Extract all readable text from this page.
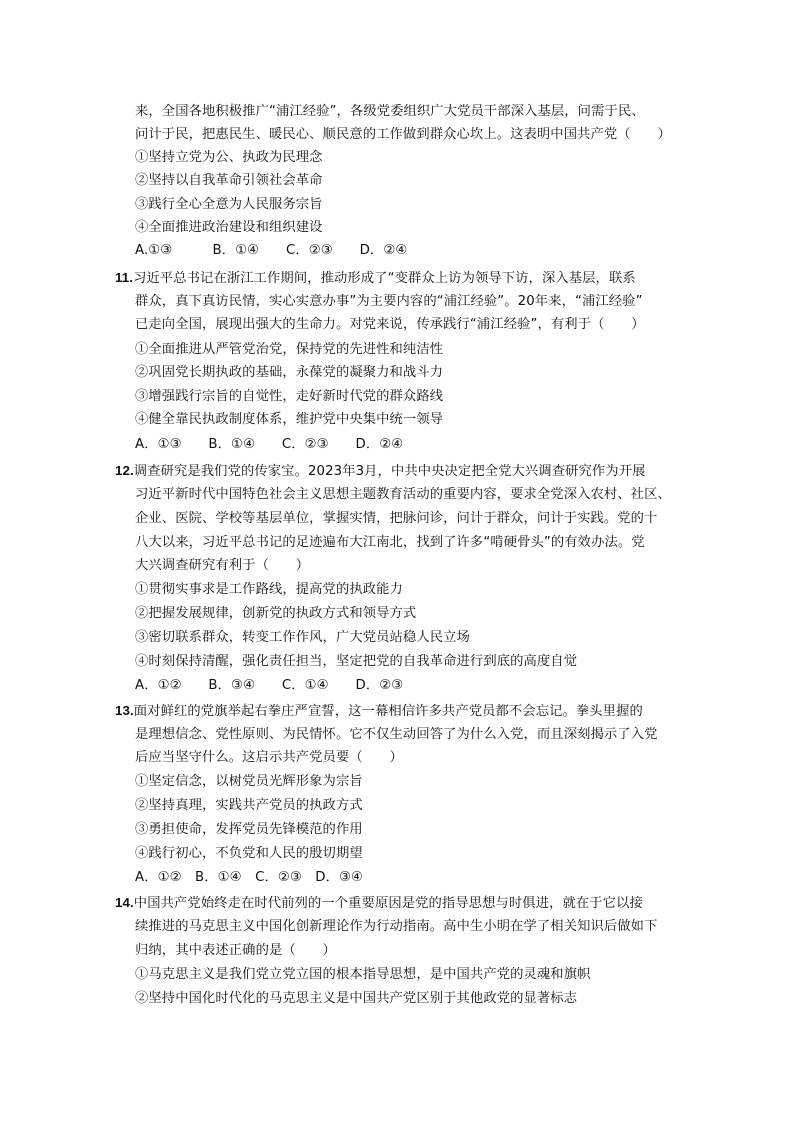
来，全国各地积极推广“浦江经验”，各级党委组织广大党员干部深入基层，问需于民、
问计于民，把惠民生、暖民心、顺民意的工作做到群众心坎上。这表明中国共产党（　　）
①坚持立党为公、执政为民理念
②坚持以自我革命引领社会革命
③践行全心全意为人民服务宗旨
④全面推进政治建设和组织建设
A.①③　　　B．①④　　C．②③　　D．②④
11.习近平总书记在浙江工作期间，推动形成了“变群众上访为领导下访，深入基层，联系
群众，真下真访民情，实心实意办事”为主要内容的“浦江经验”。20年来，“浦江经验”
已走向全国，展现出强大的生命力。对党来说，传承践行“浦江经验”，有利于（　　）
①全面推进从严管党治党，保持党的先进性和纯洁性
②巩固党长期执政的基础，永葆党的凝聚力和战斗力
③增强践行宗旨的自觉性，走好新时代党的群众路线
④健全靠民执政制度体系，维护党中央集中统一领导
A．①③　　B．①④　　C．②③　　D．②④
12.调查研究是我们党的传家宝。2023年3月，中共中央决定把全党大兴调查研究作为开展
习近平新时代中国特色社会主义思想主题教育活动的重要内容，要求全党深入农村、社区、
企业、医院、学校等基层单位，掌握实情，把脉问诊，问计于群众，问计于实践。党的十
八大以来，习近平总书记的足迹遍布大江南北，找到了许多“啃硬骨头”的有效办法。党
大兴调查研究有利于（　　）
①贯彻实事求是工作路线，提高党的执政能力
②把握发展规律，创新党的执政方式和领导方式
③密切联系群众，转变工作作风，广大党员站稳人民立场
④时刻保持清醒，强化责任担当，坚定把党的自我革命进行到底的高度自觉
A．①②　　B．③④　　C．①④　　D．②③
13.面对鲜红的党旗举起右拳庄严宣誓，这一幕相信许多共产党员都不会忘记。拳头里握的
是理想信念、党性原则、为民情怀。它不仅生动回答了为什么入党，而且深刻揭示了入党
后应当坚守什么。这启示共产党员要（　　）
①坚定信念，以树党员光辉形象为宗旨
②坚持真理，实践共产党员的执政方式
③勇担使命，发挥党员先锋模范的作用
④践行初心，不负党和人民的殷切期望
A．①②　B．①④　C．②③　D．③④
14.中国共产党始终走在时代前列的一个重要原因是党的指导思想与时俱进，就在于它以接
续推进的马克思主义中国化创新理论作为行动指南。高中生小明在学了相关知识后做如下
归纳，其中表述正确的是（　　）
①马克思主义是我们党立党立国的根本指导思想，是中国共产党的灵魂和旗帜
②坚持中国化时代化的马克思主义是中国共产党区别于其他政党的显著标志
